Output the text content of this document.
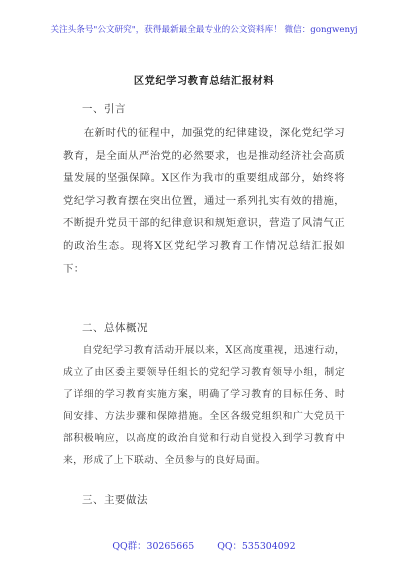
关注头条号"公文研究"，获得最新最全最专业的公文资料库！ 微信：gongwenyj
区党纪学习教育总结汇报材料
一、引言
在新时代的征程中，加强党的纪律建设，深化党纪学习教育，是全面从严治党的必然要求，也是推动经济社会高质量发展的坚强保障。X区作为我市的重要组成部分，始终将党纪学习教育摆在突出位置，通过一系列扎实有效的措施，不断提升党员干部的纪律意识和规矩意识，营造了风清气正的政治生态。现将X区党纪学习教育工作情况总结汇报如下：
二、总体概况
自党纪学习教育活动开展以来，X区高度重视，迅速行动，成立了由区委主要领导任组长的党纪学习教育领导小组，制定了详细的学习教育实施方案，明确了学习教育的目标任务、时间安排、方法步骤和保障措施。全区各级党组织和广大党员干部积极响应，以高度的政治自觉和行动自觉投入到学习教育中来，形成了上下联动、全员参与的良好局面。
三、主要做法
QQ群：30265665 QQ：535304092
